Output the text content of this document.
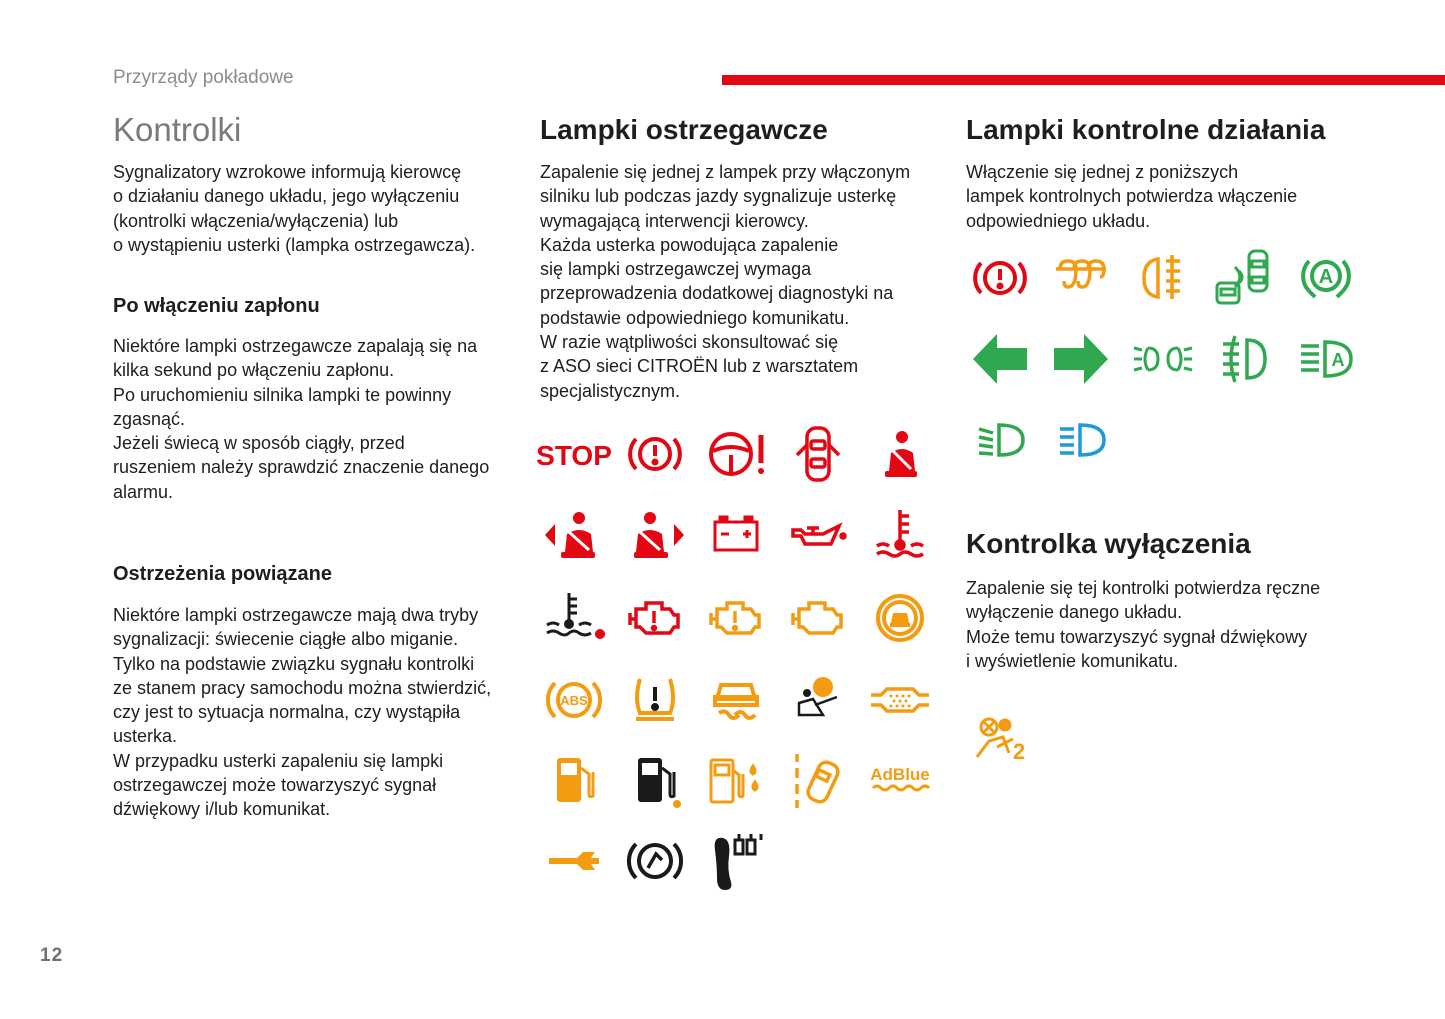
Przyrządy pokładowe
12
Kontrolki

Sygnalizatory wzrokowe informują kierowcę

o działaniu danego układu, jego wyłączeniu

(kontrolki włączenia/wyłączenia) lub

o wystąpieniu usterki (lampka ostrzegawcza).

Po włączeniu zapłonu

Niektóre lampki ostrzegawcze zapalają się na

kilka sekund po włączeniu zapłonu.

Po uruchomieniu silnika lampki te powinny

zgasnąć.

Jeżeli świecą w sposób ciągły, przed

ruszeniem należy sprawdzić znaczenie danego

alarmu.

Ostrzeżenia powiązane

Niektóre lampki ostrzegawcze mają dwa tryby

sygnalizacji: świecenie ciągłe albo miganie.

Tylko na podstawie związku sygnału kontrolki

ze stanem pracy samochodu można stwierdzić,

czy jest to sytuacja normalna, czy wystąpiła

usterka.

W przypadku usterki zapaleniu się lampki

ostrzegawczej może towarzyszyć sygnał

dźwiękowy i/lub komunikat.

Lampki ostrzegawcze

Zapalenie się jednej z lampek przy włączonym

silniku lub podczas jazdy sygnalizuje usterkę

wymagającą interwencji kierowcy.

Każda usterka powodująca zapalenie

się lampki ostrzegawczej wymaga

przeprowadzenia dodatkowej diagnostyki na

podstawie odpowiedniego komunikatu.

W razie wątpliwości skonsultować się

z ASO sieci CITROËN lub z warsztatem

specjalistycznym.

STOP
ABS
AdBlue
Lampki kontrolne działania

Włączenie się jednej z poniższych

lampek kontrolnych potwierdza włączenie

odpowiedniego układu.

Kontrolka wyłączenia

Zapalenie się tej kontrolki potwierdza ręczne

wyłączenie danego układu.

Może temu towarzyszyć sygnał dźwiękowy

i wyświetlenie komunikatu.

A
A
2
